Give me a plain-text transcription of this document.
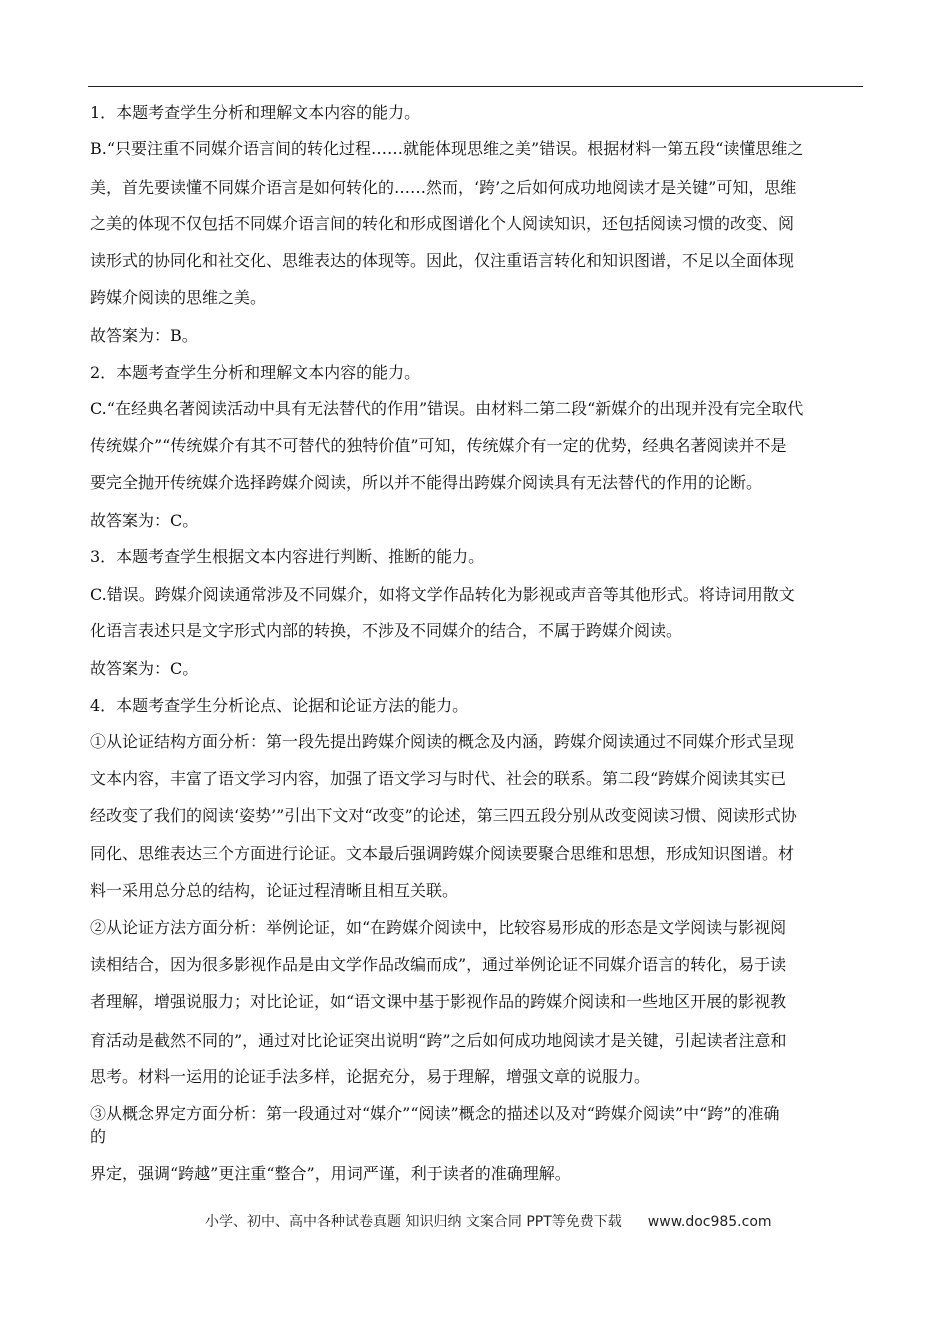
1．本题考查学生分析和理解文本内容的能力。
B.“只要注重不同媒介语言间的转化过程……就能体现思维之美”错误。根据材料一第五段“读懂思维之
美，首先要读懂不同媒介语言是如何转化的……然而，‘跨’之后如何成功地阅读才是关键”可知，思维
之美的体现不仅包括不同媒介语言间的转化和形成图谱化个人阅读知识，还包括阅读习惯的改变、阅
读形式的协同化和社交化、思维表达的体现等。因此，仅注重语言转化和知识图谱，不足以全面体现
跨媒介阅读的思维之美。
故答案为：B。
2．本题考查学生分析和理解文本内容的能力。
C.“在经典名著阅读活动中具有无法替代的作用”错误。由材料二第二段“新媒介的出现并没有完全取代
传统媒介”“传统媒介有其不可替代的独特价值”可知，传统媒介有一定的优势，经典名著阅读并不是
要完全抛开传统媒介选择跨媒介阅读，所以并不能得出跨媒介阅读具有无法替代的作用的论断。
故答案为：C。
3．本题考查学生根据文本内容进行判断、推断的能力。
C.错误。跨媒介阅读通常涉及不同媒介，如将文学作品转化为影视或声音等其他形式。将诗词用散文
化语言表述只是文字形式内部的转换，不涉及不同媒介的结合，不属于跨媒介阅读。
故答案为：C。
4．本题考查学生分析论点、论据和论证方法的能力。
①从论证结构方面分析：第一段先提出跨媒介阅读的概念及内涵，跨媒介阅读通过不同媒介形式呈现
文本内容，丰富了语文学习内容，加强了语文学习与时代、社会的联系。第二段“跨媒介阅读其实已
经改变了我们的阅读‘姿势’”引出下文对“改变”的论述，第三四五段分别从改变阅读习惯、阅读形式协
同化、思维表达三个方面进行论证。文本最后强调跨媒介阅读要聚合思维和思想，形成知识图谱。材
料一采用总分总的结构，论证过程清晰且相互关联。
②从论证方法方面分析：举例论证，如“在跨媒介阅读中，比较容易形成的形态是文学阅读与影视阅
读相结合，因为很多影视作品是由文学作品改编而成”，通过举例论证不同媒介语言的转化，易于读
者理解，增强说服力；对比论证，如“语文课中基于影视作品的跨媒介阅读和一些地区开展的影视教
育活动是截然不同的”，通过对比论证突出说明“跨”之后如何成功地阅读才是关键，引起读者注意和
思考。材料一运用的论证手法多样，论据充分，易于理解，增强文章的说服力。
③从概念界定方面分析：第一段通过对“媒介”“阅读”概念的描述以及对“跨媒介阅读”中“跨”的准确
的
界定，强调“跨越”更注重“整合”，用词严谨，利于读者的准确理解。
小学、初中、高中各种试卷真题 知识归纳 文案合同 PPT等免费下载 www.doc985.com
